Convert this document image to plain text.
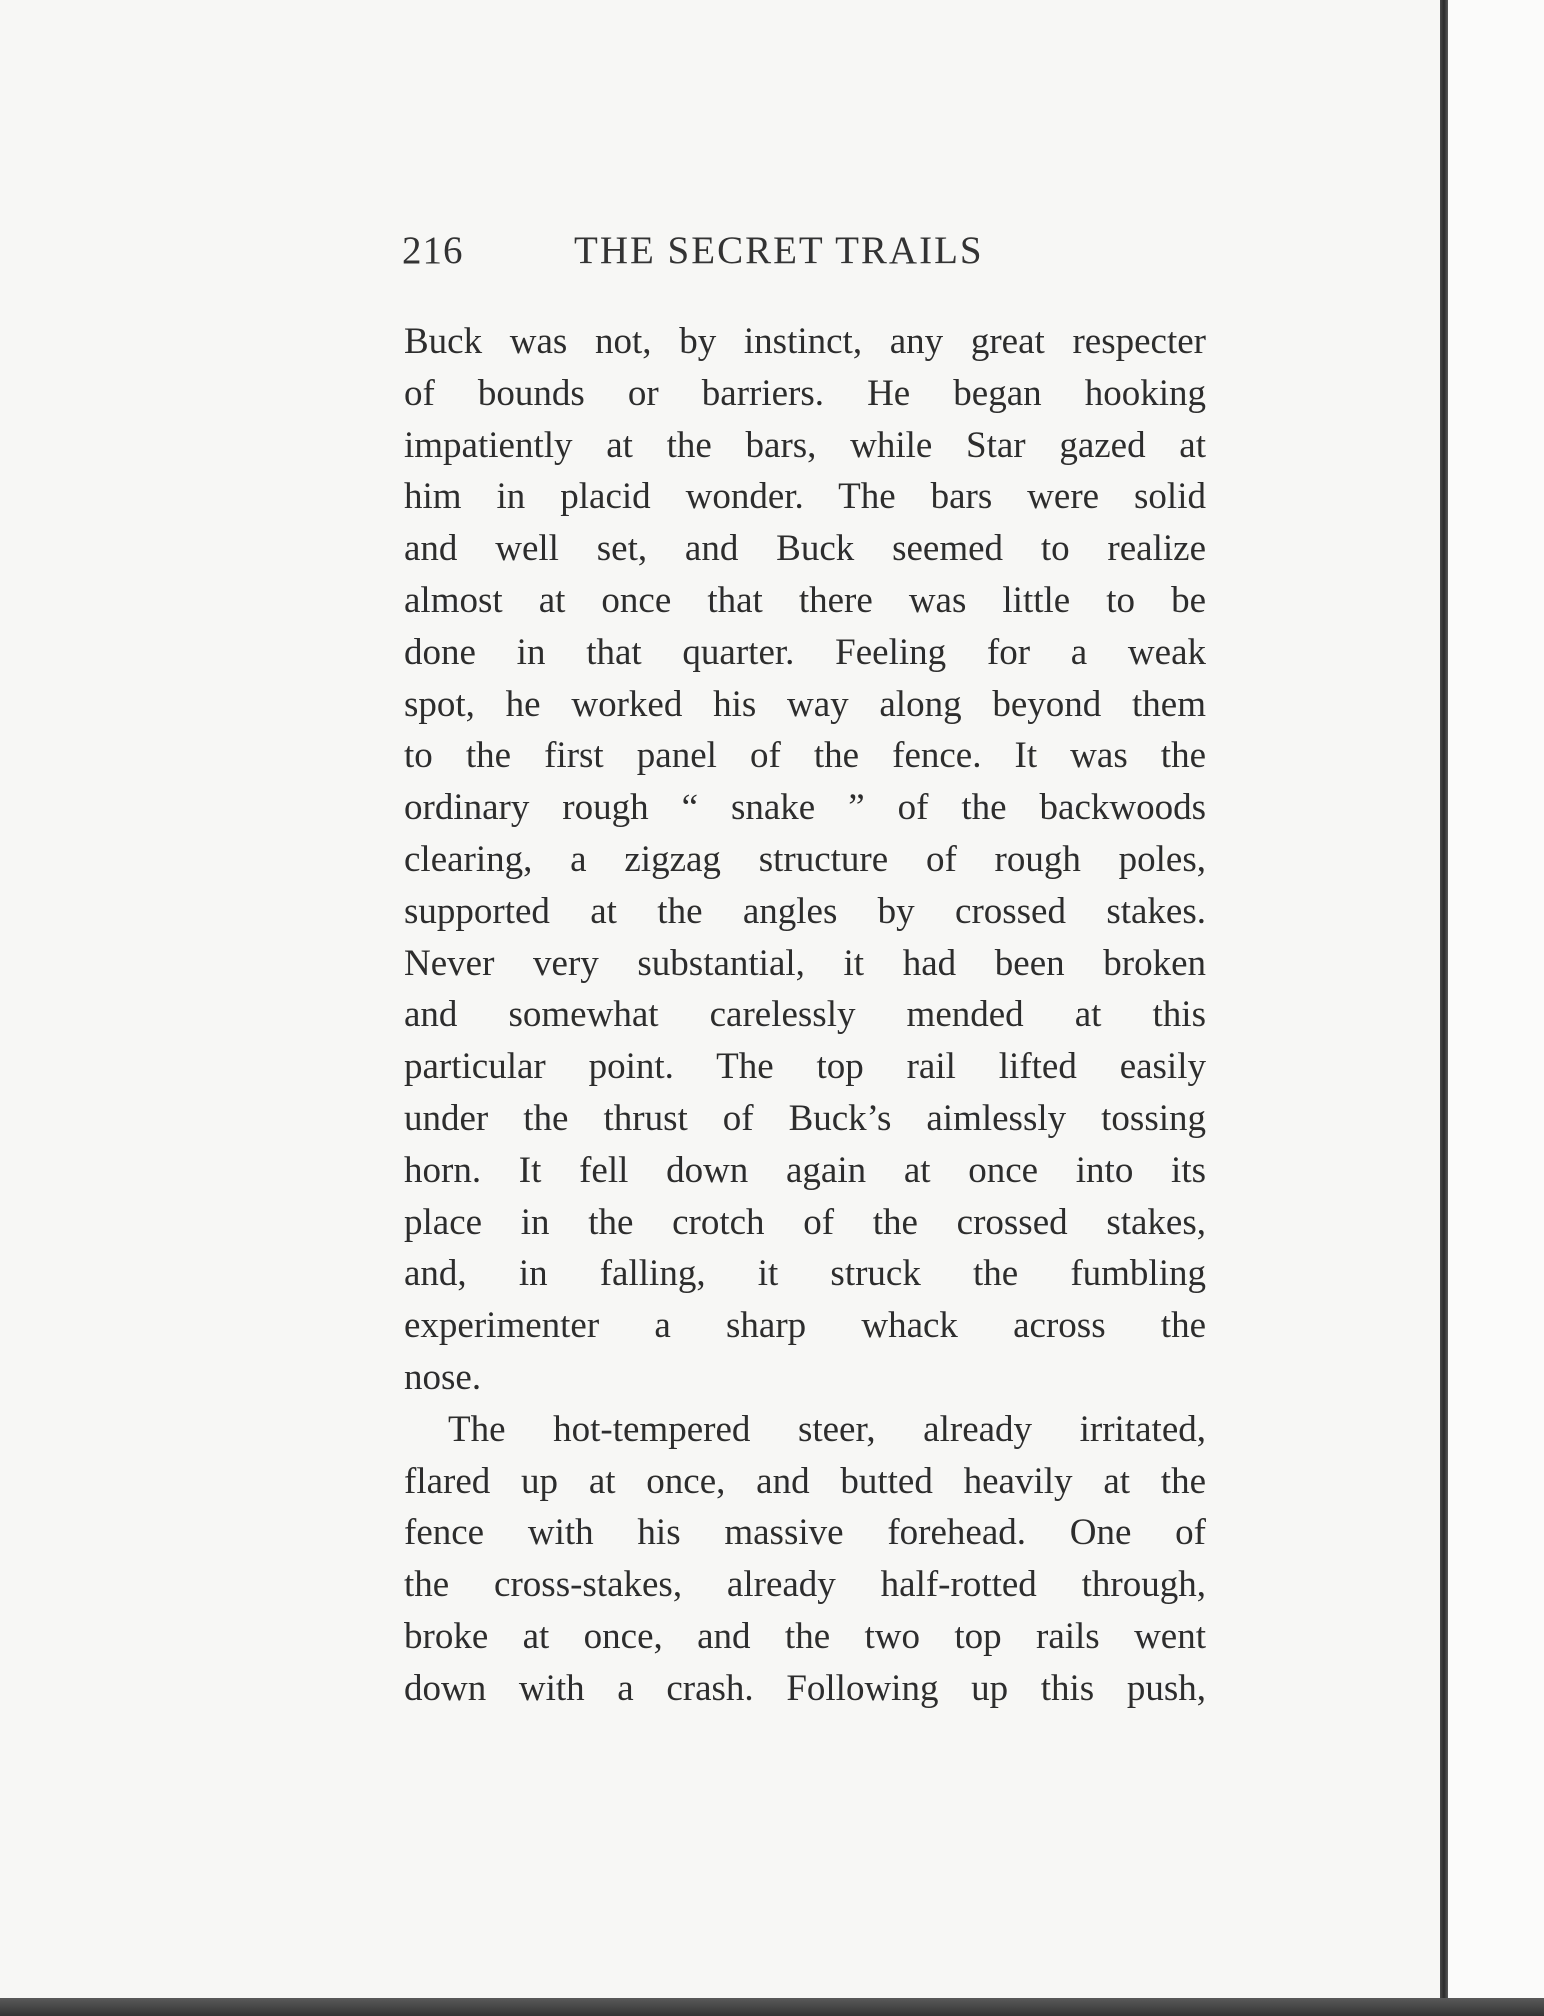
216	THE SECRET TRAILS
Buck was not, by instinct, any great respecter
of bounds or barriers. He began hooking
impatiently at the bars, while Star gazed at
him in placid wonder. The bars were solid
and well set, and Buck seemed to realize
almost at once that there was little to be
done in that quarter. Feeling for a weak
spot, he worked his way along beyond them
to the first panel of the fence. It was the
ordinary rough “ snake ” of the backwoods
clearing, a zigzag structure of rough poles,
supported at the angles by crossed stakes.
Never very substantial, it had been broken
and somewhat carelessly mended at this
particular point. The top rail lifted easily
under the thrust of Buck’s aimlessly tossing
horn. It fell down again at once into its
place in the crotch of the crossed stakes,
and, in falling, it struck the fumbling
experimenter a sharp whack across the
nose.
The hot-tempered steer, already irritated,
flared up at once, and butted heavily at the
fence with his massive forehead. One of
the cross-stakes, already half-rotted through,
broke at once, and the two top rails went
down with a crash. Following up this push,
